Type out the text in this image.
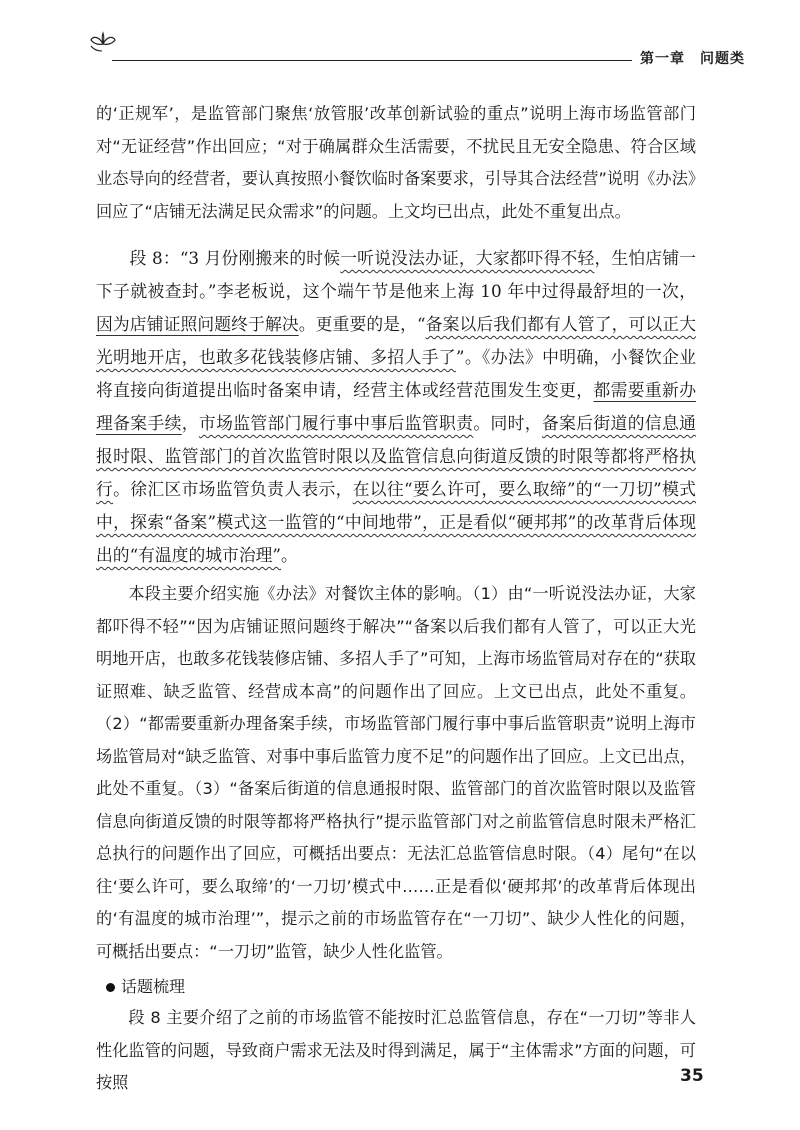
第一章　问题类

的‘正规军’，是监管部门聚焦‘放管服’改革创新试验的重点”说明上海市场监管部门对“无证经营”作出回应；“对于确属群众生活需要，不扰民且无安全隐患、符合区域业态导向的经营者，要认真按照小餐饮临时备案要求，引导其合法经营”说明《办法》回应了“店铺无法满足民众需求”的问题。上文均已出点，此处不重复出点。

段 8：“3 月份刚搬来的时候一听说没法办证，大家都吓得不轻，生怕店铺一下子就被查封。”李老板说，这个端午节是他来上海 10 年中过得最舒坦的一次，因为店铺证照问题终于解决。更重要的是，“备案以后我们都有人管了，可以正大光明地开店，也敢多花钱装修店铺、多招人手了”。《办法》中明确，小餐饮企业将直接向街道提出临时备案申请，经营主体或经营范围发生变更，都需要重新办理备案手续，市场监管部门履行事中事后监管职责。同时，备案后街道的信息通报时限、监管部门的首次监管时限以及监管信息向街道反馈的时限等都将严格执行。徐汇区市场监管负责人表示，在以往“要么许可，要么取缔”的“一刀切”模式中，探索“备案”模式这一监管的“中间地带”，正是看似“硬邦邦”的改革背后体现出的“有温度的城市治理”。

本段主要介绍实施《办法》对餐饮主体的影响。（1）由“一听说没法办证，大家都吓得不轻”“因为店铺证照问题终于解决”“备案以后我们都有人管了，可以正大光明地开店，也敢多花钱装修店铺、多招人手了”可知，上海市场监管局对存在的“获取证照难、缺乏监管、经营成本高”的问题作出了回应。上文已出点，此处不重复。（2）“都需要重新办理备案手续，市场监管部门履行事中事后监管职责”说明上海市场监管局对“缺乏监管、对事中事后监管力度不足”的问题作出了回应。上文已出点，此处不重复。（3）“备案后街道的信息通报时限、监管部门的首次监管时限以及监管信息向街道反馈的时限等都将严格执行”提示监管部门对之前监管信息时限未严格汇总执行的问题作出了回应，可概括出要点：无法汇总监管信息时限。（4）尾句“在以往‘要么许可，要么取缔’的‘一刀切’模式中……正是看似‘硬邦邦’的改革背后体现出的‘有温度的城市治理’”，提示之前的市场监管存在“一刀切”、缺少人性化的问题，可概括出要点：“一刀切”监管，缺少人性化监管。

话题梳理

段 8 主要介绍了之前的市场监管不能按时汇总监管信息，存在“一刀切”等非人性化监管的问题，导致商户需求无法及时得到满足，属于“主体需求”方面的问题，可按照	35
